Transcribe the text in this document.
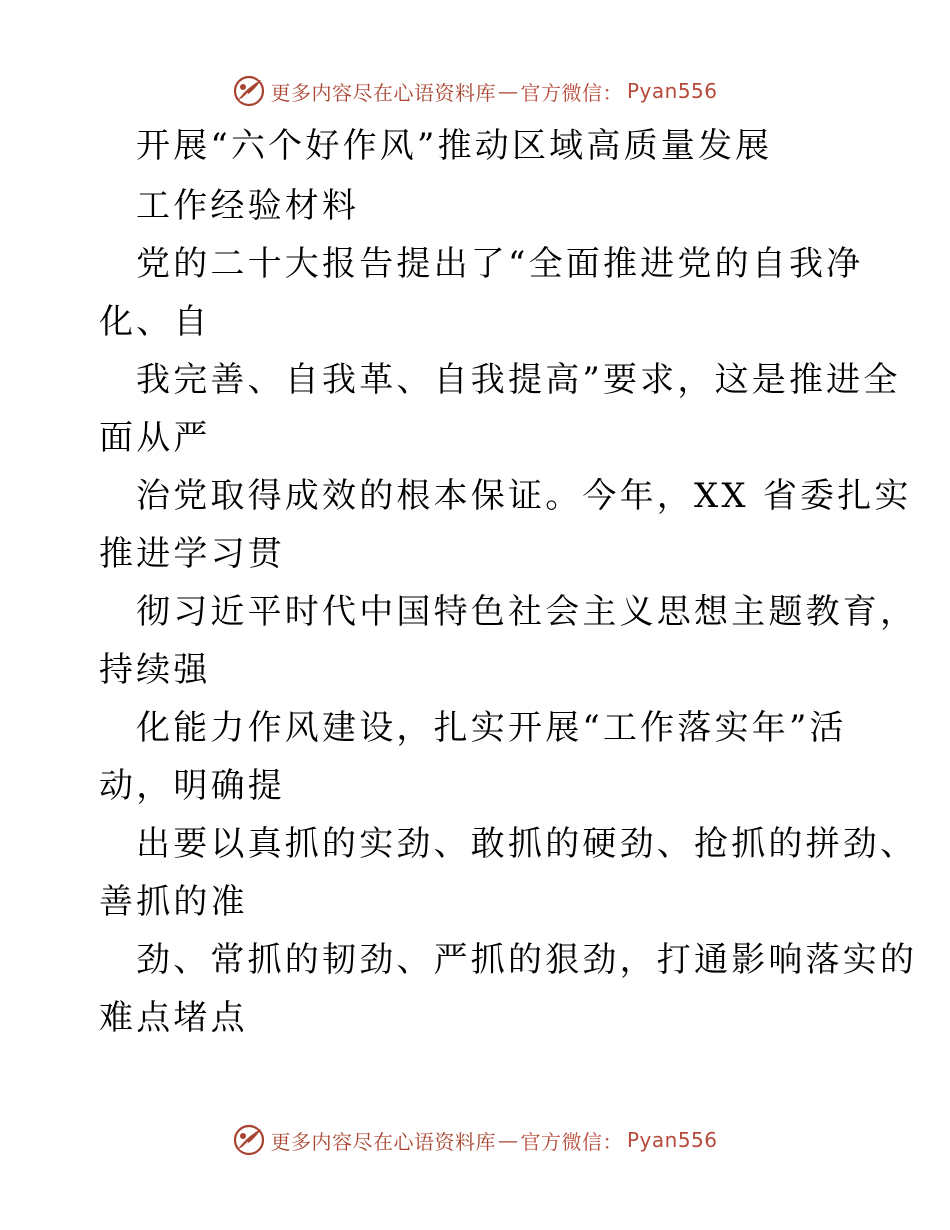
更多内容尽在心语资料库 — 官方微信： Pyan556
开展“六个好作风”推动区域高质量发展
工作经验材料
党的二十大报告提出了“全面推进党的自我净
化、自
我完善、自我革、自我提高”要求，这是推进全
面从严
治党取得成效的根本保证。今年，XX 省委扎实
推进学习贯
彻习近平时代中国特色社会主义思想主题教育，
持续强
化能力作风建设，扎实开展“工作落实年”活
动，明确提
出要以真抓的实劲、敢抓的硬劲、抢抓的拼劲、
善抓的准
劲、常抓的韧劲、严抓的狠劲，打通影响落实的
难点堵点
更多内容尽在心语资料库 — 官方微信： Pyan556
